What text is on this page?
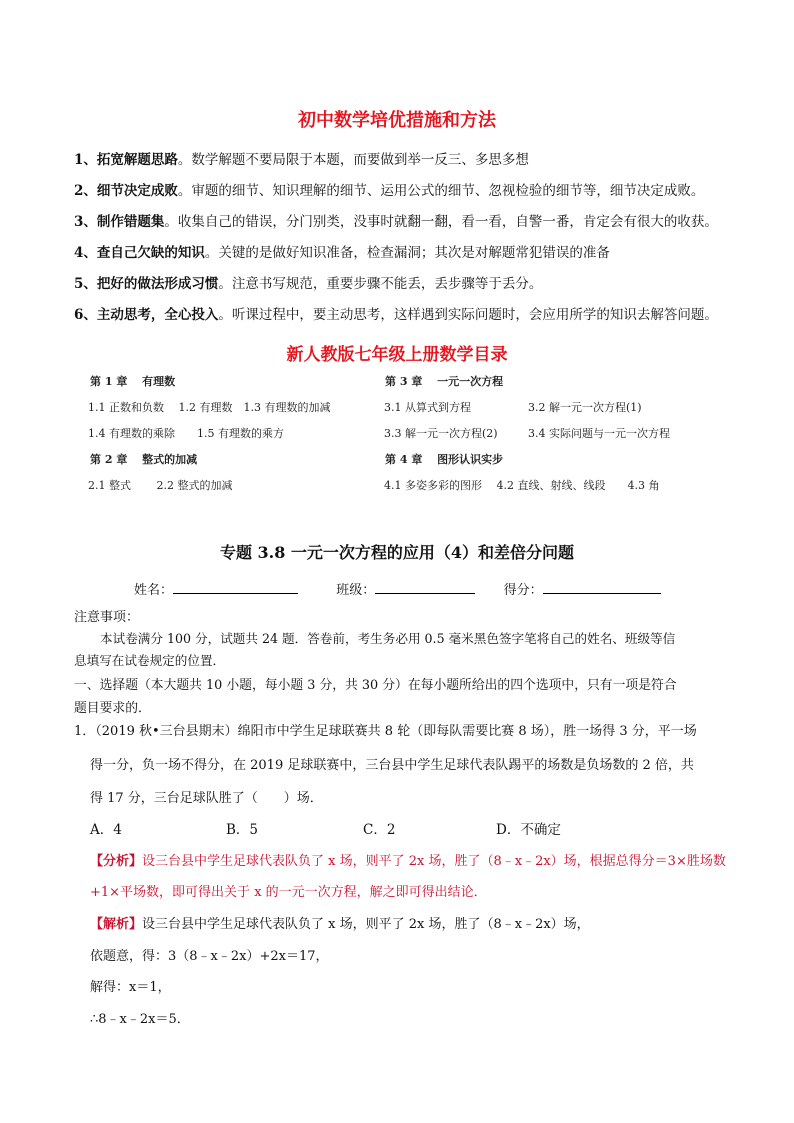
初中数学培优措施和方法
1、拓宽解题思路。数学解题不要局限于本题，而要做到举一反三、多思多想
2、细节决定成败。审题的细节、知识理解的细节、运用公式的细节、忽视检验的细节等，细节决定成败。
3、制作错题集。收集自己的错误，分门别类，没事时就翻一翻，看一看，自警一番，肯定会有很大的收获。
4、查自己欠缺的知识。关键的是做好知识准备，检查漏洞；其次是对解题常犯错误的准备
5、把好的做法形成习惯。注意书写规范，重要步骤不能丢，丢步骤等于丢分。
6、主动思考，全心投入。听课过程中，要主动思考，这样遇到实际问题时，会应用所学的知识去解答问题。
新人教版七年级上册数学目录
第 1 章　 有理数
1.1 正数和负数　 1.2 有理数　1.3 有理数的加减
1.4 有理数的乘除　　1.5 有理数的乘方
第 2 章　 整式的加减
2.1 整式　　 2.2 整式的加减
第 3 章　 一元一次方程
3.1 从算式到方程	3.2 解一元一次方程(1)
3.3 解一元一次方程(2)	3.4 实际问题与一元一次方程
第 4 章　 图形认识实步
4.1 多姿多彩的图形　 4.2 直线、射线、线段　　4.3 角
专题 3.8 一元一次方程的应用（4）和差倍分问题
姓名：	班级：	得分：
注意事项：
本试卷满分 100 分，试题共 24 题．答卷前，考生务必用 0.5 毫米黑色签字笔将自己的姓名、班级等信
息填写在试卷规定的位置．
一、选择题（本大题共 10 小题，每小题 3 分，共 30 分）在每小题所给出的四个选项中，只有一项是符合
题目要求的．
1．（2019 秋•三台县期末）绵阳市中学生足球联赛共 8 轮（即每队需要比赛 8 场），胜一场得 3 分，平一场
得一分，负一场不得分，在 2019 足球联赛中，三台县中学生足球代表队踢平的场数是负场数的 2 倍，共
得 17 分，三台足球队胜了（　　）场．
A．4	B．5	C．2	D．不确定
【分析】设三台县中学生足球代表队负了 x 场，则平了 2x 场，胜了（8﹣x﹣2x）场，根据总得分＝3×胜场数
+1×平场数，即可得出关于 x 的一元一次方程，解之即可得出结论．
【解析】设三台县中学生足球代表队负了 x 场，则平了 2x 场，胜了（8﹣x﹣2x）场，
依题意，得：3（8﹣x﹣2x）+2x＝17，
解得：x＝1，
∴8﹣x﹣2x＝5．
